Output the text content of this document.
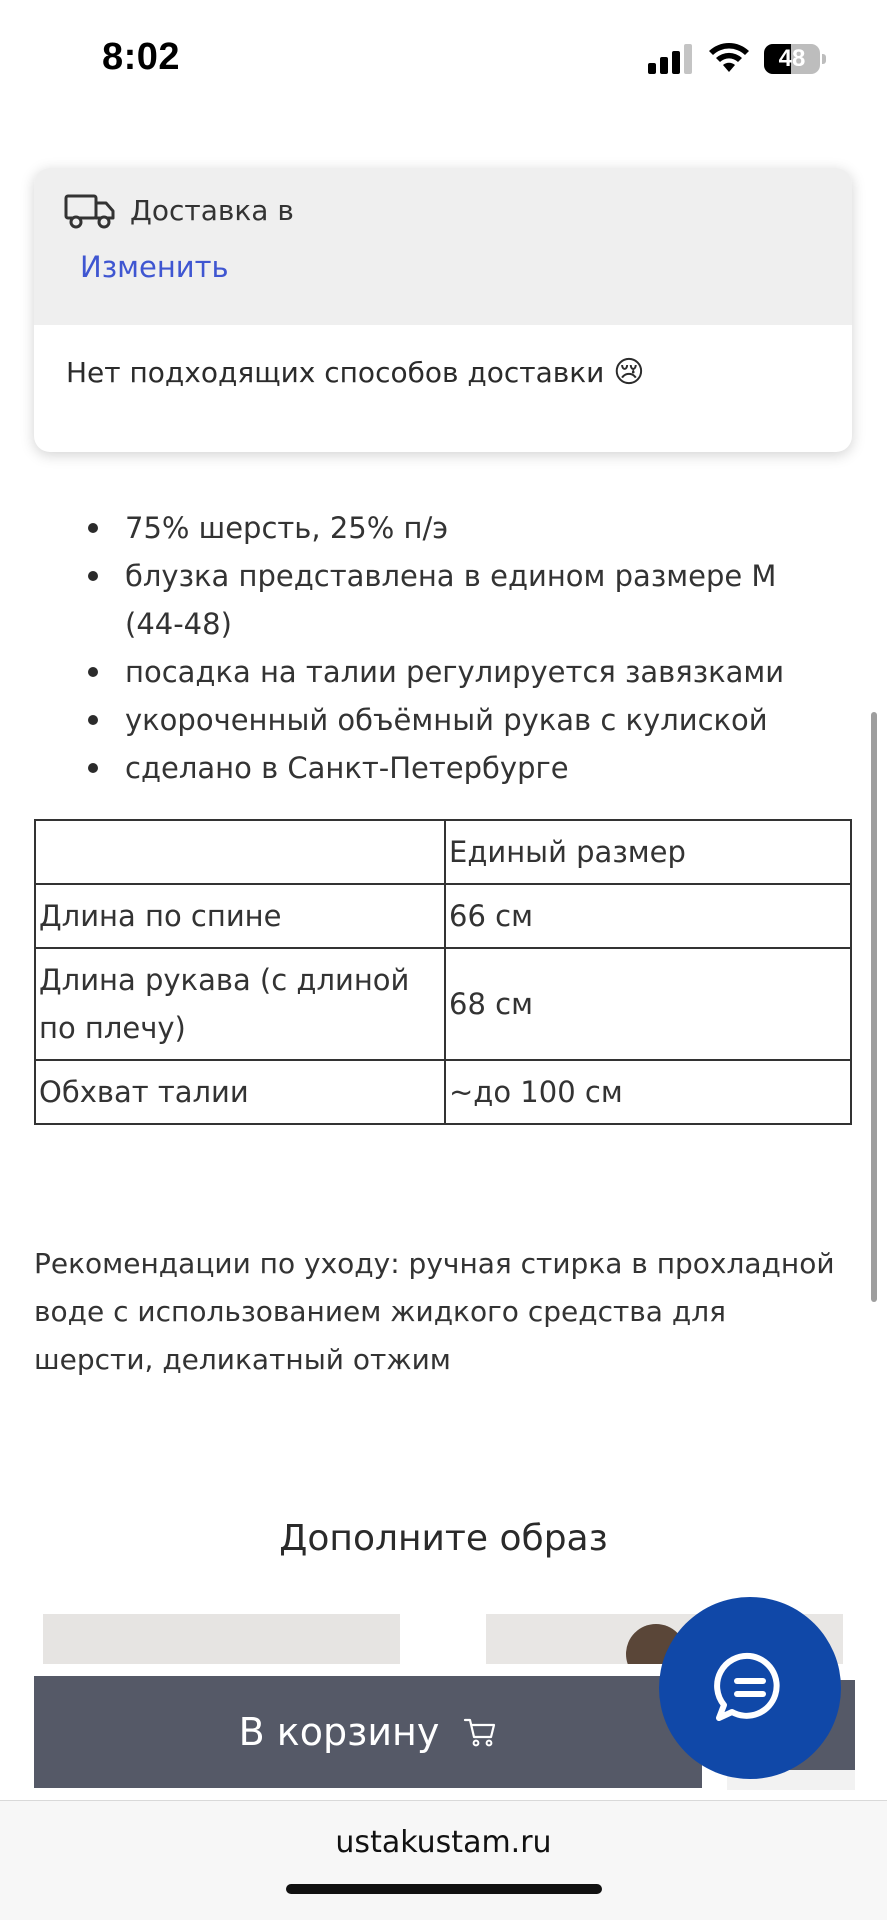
8:02	48
Доставка в
Изменить
Нет подходящих способов доставки 😢
75% шерсть, 25% п/э
блузка представлена в едином размере М (44-48)
посадка на талии регулируется завязками
укороченный объёмный рукав с кулиской
сделано в Санкт-Петербурге
	Единый размер
Длина по спине	66 см
Длина рукава (с длиной по плечу)	68 см
Обхват талии	~до 100 см
Рекомендации по уходу: ручная стирка в прохладной воде с использованием жидкого средства для шерсти, деликатный отжим
Дополните образ
В корзину
ustakustam.ru
